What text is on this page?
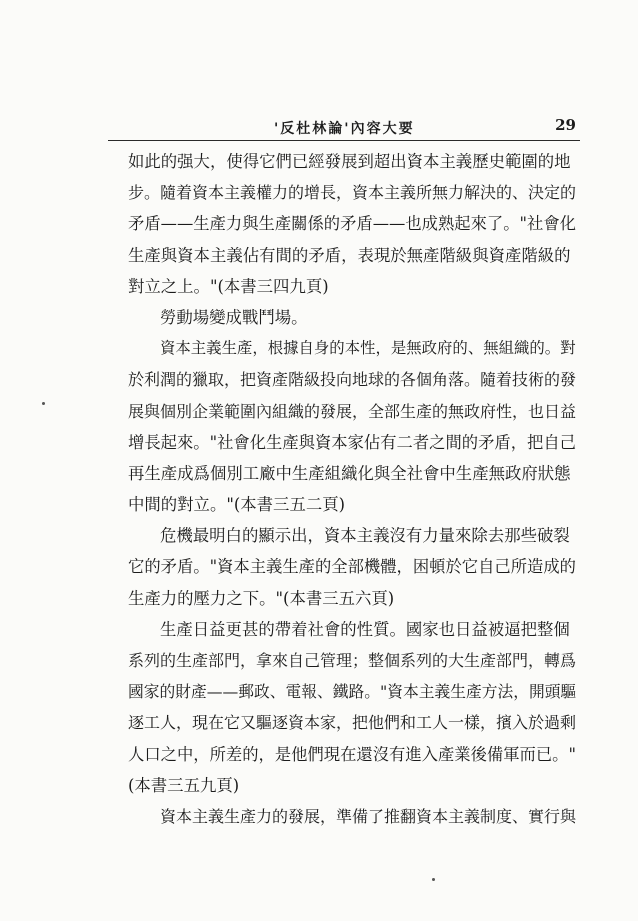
'反杜林論'內容大要	29
如此的强大，使得它們已經發展到超出資本主義歷史範圍的地
步。隨着資本主義權力的增長，資本主義所無力解決的、決定的
矛盾——生產力與生產關係的矛盾——也成熟起來了。"社會化
生產與資本主義佔有間的矛盾，表現於無產階級與資產階級的
對立之上。"(本書三四九頁)
勞動場變成戰鬥場。
資本主義生產，根據自身的本性，是無政府的、無組織的。對
於利潤的獵取，把資產階級投向地球的各個角落。隨着技術的發
展與個別企業範圍內組織的發展，全部生產的無政府性，也日益
增長起來。"社會化生產與資本家佔有二者之間的矛盾，把自己
再生產成爲個別工廠中生產組織化與全社會中生產無政府狀態
中間的對立。"(本書三五二頁)
危機最明白的顯示出，資本主義沒有力量來除去那些破裂
它的矛盾。"資本主義生產的全部機體，困頓於它自己所造成的
生產力的壓力之下。"(本書三五六頁)
生產日益更甚的帶着社會的性質。國家也日益被逼把整個
系列的生產部門，拿來自己管理；整個系列的大生產部門，轉爲
國家的財產——郵政、電報、鐵路。"資本主義生產方法，開頭驅
逐工人，現在它又驅逐資本家，把他們和工人一樣，擯入於過剩
人口之中，所差的，是他們現在還沒有進入產業後備軍而已。"
(本書三五九頁)
資本主義生產力的發展，準備了推翻資本主義制度、實行與
